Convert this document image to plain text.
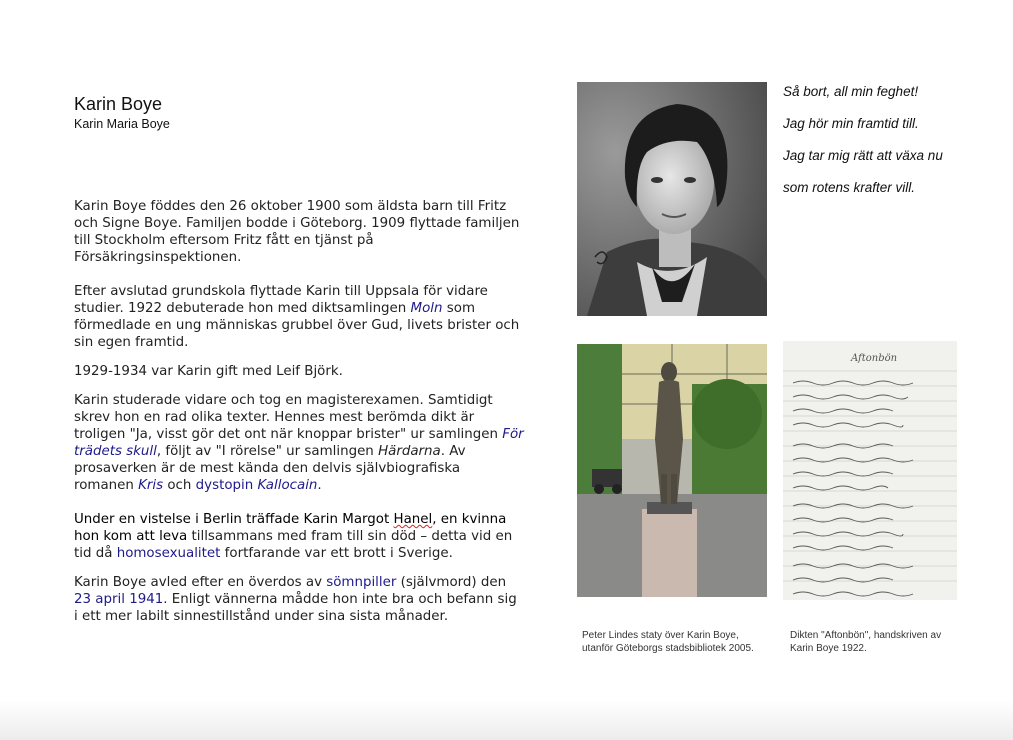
Karin Boye
Karin Maria Boye

Karin Boye föddes den 26 oktober 1900 som äldsta barn till Fritz och Signe Boye. Familjen bodde i Göteborg. 1909 flyttade familjen till Stockholm eftersom Fritz fått en tjänst på Försäkringsinspektionen.

Efter avslutad grundskola flyttade Karin till Uppsala för vidare studier. 1922 debuterade hon med diktsamlingen Moln som förmedlade en ung människas grubbel över Gud, livets brister och sin egen framtid.

1929-1934 var Karin gift med Leif Björk.

Karin studerade vidare och tog en magisterexamen. Samtidigt skrev hon en rad olika texter. Hennes mest berömda dikt är troligen "Ja, visst gör det ont när knoppar brister" ur samlingen För trädets skull, följt av "I rörelse" ur samlingen Härdarna. Av prosaverken är de mest kända den delvis självbiografiska romanen Kris och dystopin Kallocain.

Under en vistelse i Berlin träffade Karin Margot Hanel, en kvinna hon kom att leva tillsammans med fram till sin död – detta vid en tid då homosexualitet fortfarande var ett brott i Sverige.

Karin Boye avled efter en överdos av sömnpiller (självmord) den 23 april 1941. Enligt vännerna mådde hon inte bra och befann sig i ett mer labilt sinnestillstånd under sina sista månader.

Så bort, all min feghet!
Jag hör min framtid till.
Jag tar mig rätt att växa nu
som rotens krafter vill.
Aftonbön
Peter Lindes staty över Karin Boye,
utanför Göteborgs stadsbibliotek 2005.
Dikten "Aftonbön", handskriven av
Karin Boye 1922.
